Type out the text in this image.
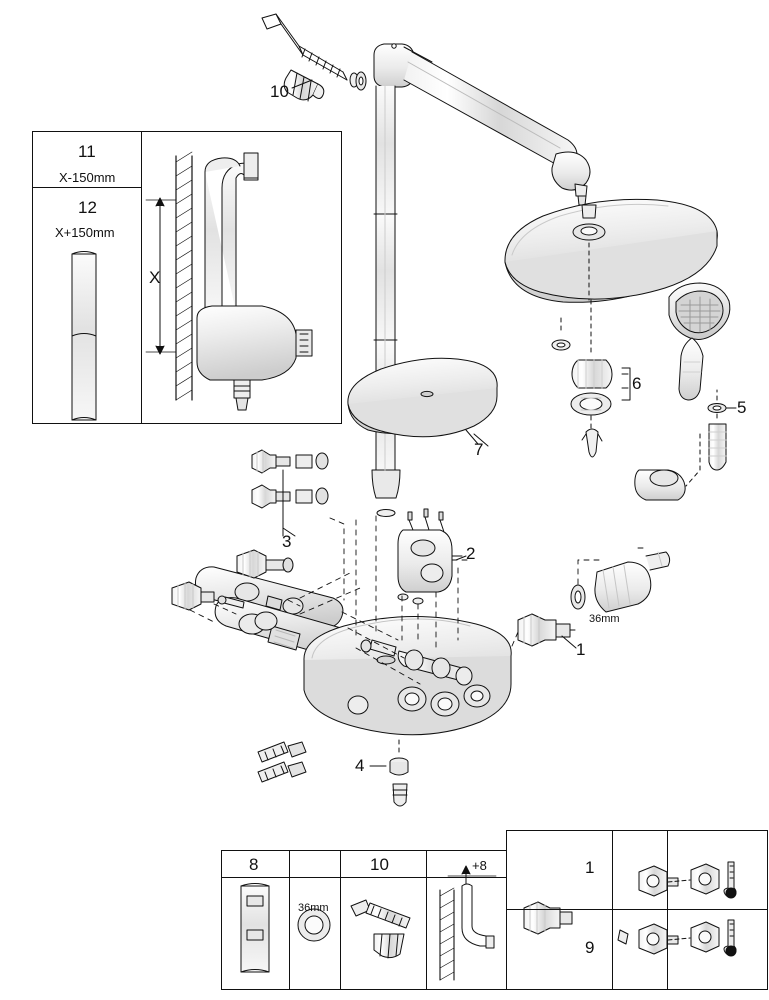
10
7
6
5
3
2
1
4
36mm
11
X-150mm
12
X+150mm
X
8
36mm
10	+8	1
9
